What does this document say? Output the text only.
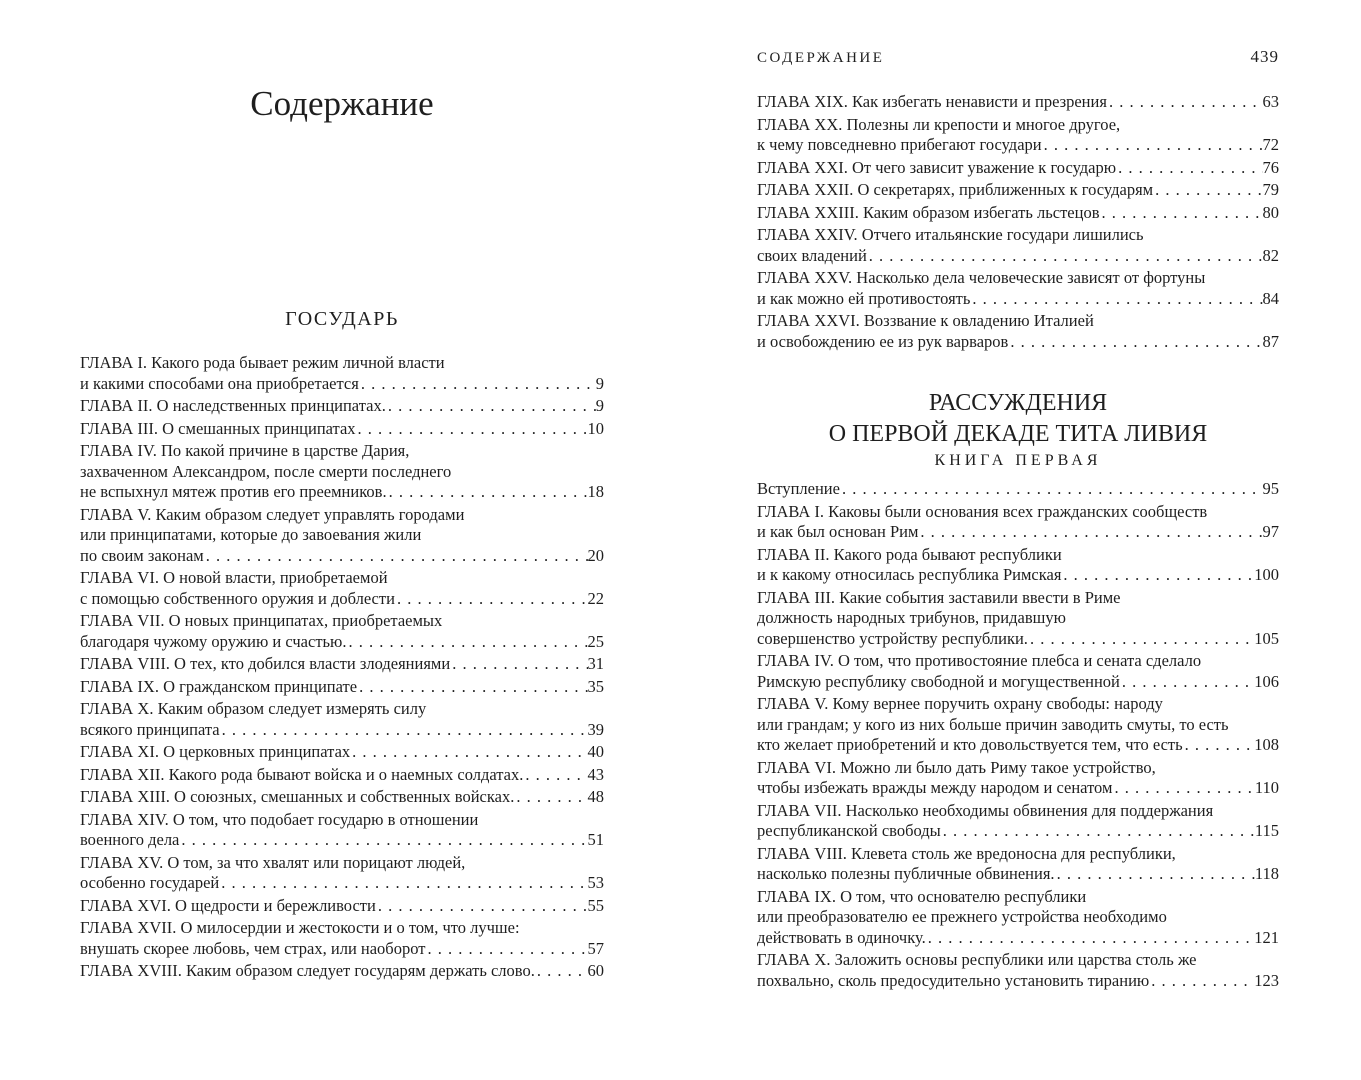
Содержание
ГОСУДАРЬ
ГЛАВА I. Какого рода бывает режим личной власти
и какими способами она приобретается . . .	9
ГЛАВА II. О наследственных принципатах. . . .	9
ГЛАВА III. О смешанных принципатах . . .	10
ГЛАВА IV. По какой причине в царстве Дария,
захваченном Александром, после смерти последнего
не вспыхнул мятеж против его преемников. . . .	18
ГЛАВА V. Каким образом следует управлять городами
или принципатами, которые до завоевания жили
по своим законам . . .	20
ГЛАВА VI. О новой власти, приобретаемой
с помощью собственного оружия и доблести . . .	22
ГЛАВА VII. О новых принципатах, приобретаемых
благодаря чужому оружию и счастью. . . .	25
ГЛАВА VIII. О тех, кто добился власти злодеяниями . . .	31
ГЛАВА IX. О гражданском принципате . . .	35
ГЛАВА X. Каким образом следует измерять силу
всякого принципата . . .	39
ГЛАВА XI. О церковных принципатах . . .	40
ГЛАВА XII. Какого рода бывают войска и о наемных солдатах. . . .	43
ГЛАВА XIII. О союзных, смешанных и собственных войсках. . . .	48
ГЛАВА XIV. О том, что подобает государю в отношении
военного дела . . .	51
ГЛАВА XV. О том, за что хвалят или порицают людей,
особенно государей . . .	53
ГЛАВА XVI. О щедрости и бережливости . . .	55
ГЛАВА XVII. О милосердии и жестокости и о том, что лучше:
внушать скорее любовь, чем страх, или наоборот . . .	57
ГЛАВА XVIII. Каким образом следует государям держать слово. . . .	60
СОДЕРЖАНИЕ	439
ГЛАВА XIX. Как избегать ненависти и презрения . . .	63
ГЛАВА XX. Полезны ли крепости и многое другое,
к чему повседневно прибегают государи . . .	72
ГЛАВА XXI. От чего зависит уважение к государю . . .	76
ГЛАВА XXII. О секретарях, приближенных к государям . . .	79
ГЛАВА XXIII. Каким образом избегать льстецов . . .	80
ГЛАВА XXIV. Отчего итальянские государи лишились
своих владений . . .	82
ГЛАВА XXV. Насколько дела человеческие зависят от фортуны
и как можно ей противостоять . . .	84
ГЛАВА XXVI. Воззвание к овладению Италией
и освобождению ее из рук варваров . . .	87
РАССУЖДЕНИЯ
О ПЕРВОЙ ДЕКАДЕ ТИТА ЛИВИЯ
КНИГА ПЕРВАЯ
Вступление . . .	95
ГЛАВА I. Каковы были основания всех гражданских сообществ
и как был основан Рим . . .	97
ГЛАВА II. Какого рода бывают республики
и к какому относилась республика Римская . . .	100
ГЛАВА III. Какие события заставили ввести в Риме
должность народных трибунов, придавшую
совершенство устройству республики. . . .	105
ГЛАВА IV. О том, что противостояние плебса и сената сделало
Римскую республику свободной и могущественной . . .	106
ГЛАВА V. Кому вернее поручить охрану свободы: народу
или грандам; у кого из них больше причин заводить смуты, то есть
кто желает приобретений и кто довольствуется тем, что есть . . .	108
ГЛАВА VI. Можно ли было дать Риму такое устройство,
чтобы избежать вражды между народом и сенатом . . .	110
ГЛАВА VII. Насколько необходимы обвинения для поддержания
республиканской свободы . . .	115
ГЛАВА VIII. Клевета столь же вредоносна для республики,
насколько полезны публичные обвинения. . . .	118
ГЛАВА IX. О том, что основателю республики
или преобразователю ее прежнего устройства необходимо
действовать в одиночку. . . .	121
ГЛАВА X. Заложить основы республики или царства столь же
похвально, сколь предосудительно установить тиранию . . .	123
